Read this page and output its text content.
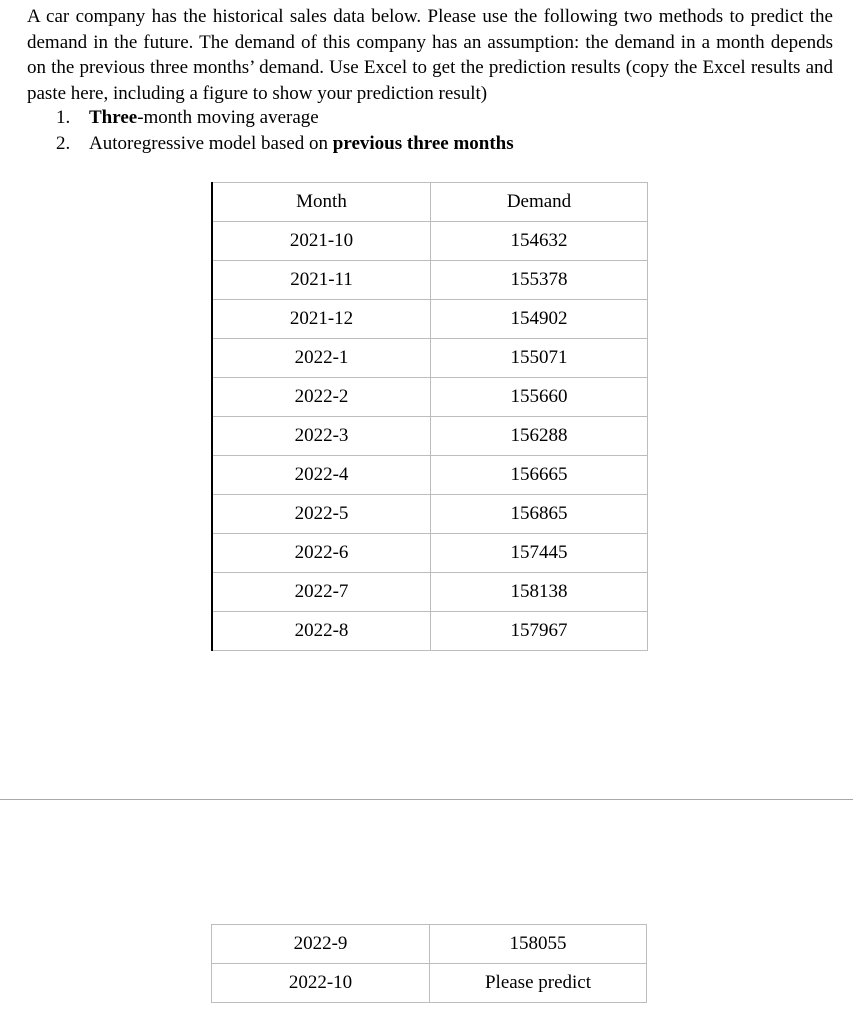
A car company has the historical sales data below. Please use the following two methods to predict the demand in the future. The demand of this company has an assumption: the demand in a month depends on the previous three months’ demand. Use Excel to get the prediction results (copy the Excel results and paste here, including a figure to show your prediction result)

1. Three-month moving average
2. Autoregressive model based on previous three months
Month	Demand
2021-10	154632
2021-11	155378
2021-12	154902
2022-1	155071
2022-2	155660
2022-3	156288
2022-4	156665
2022-5	156865
2022-6	157445
2022-7	158138
2022-8	157967
2022-9	158055
2022-10	Please predict
